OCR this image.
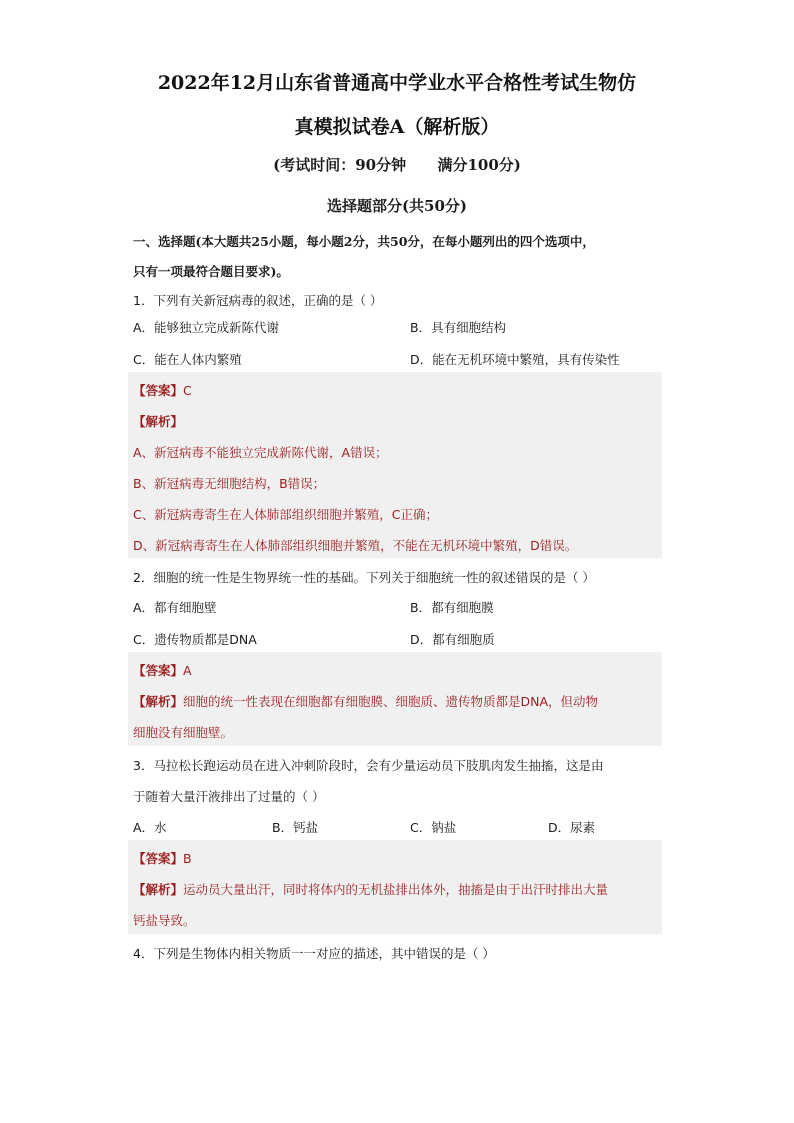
2022年12月山东省普通高中学业水平合格性考试生物仿
真模拟试卷A（解析版）
(考试时间：90分钟      满分100分)
选择题部分(共50分)
一、选择题(本大题共25小题，每小题2分，共50分，在每小题列出的四个选项中，
只有一项最符合题目要求)。
1．下列有关新冠病毒的叙述，正确的是（ ）
A．能够独立完成新陈代谢	B．具有细胞结构
C．能在人体内繁殖	D．能在无机环境中繁殖，具有传染性
【答案】C
【解析】
A、新冠病毒不能独立完成新陈代谢，A错误；
B、新冠病毒无细胞结构，B错误；
C、新冠病毒寄生在人体肺部组织细胞并繁殖，C正确；
D、新冠病毒寄生在人体肺部组织细胞并繁殖，不能在无机环境中繁殖，D错误。
2．细胞的统一性是生物界统一性的基础。下列关于细胞统一性的叙述错误的是（ ）
A．都有细胞壁	B．都有细胞膜
C．遗传物质都是DNA	D．都有细胞质
【答案】A
【解析】细胞的统一性表现在细胞都有细胞膜、细胞质、遗传物质都是DNA，但动物
细胞没有细胞壁。
3．马拉松长跑运动员在进入冲刺阶段时，会有少量运动员下肢肌肉发生抽搐，这是由
于随着大量汗液排出了过量的（ ）
A．水	B．钙盐	C．钠盐	D．尿素
【答案】B
【解析】运动员大量出汗，同时将体内的无机盐排出体外，抽搐是由于出汗时排出大量
钙盐导致。
4．下列是生物体内相关物质一一对应的描述，其中错误的是（ ）
